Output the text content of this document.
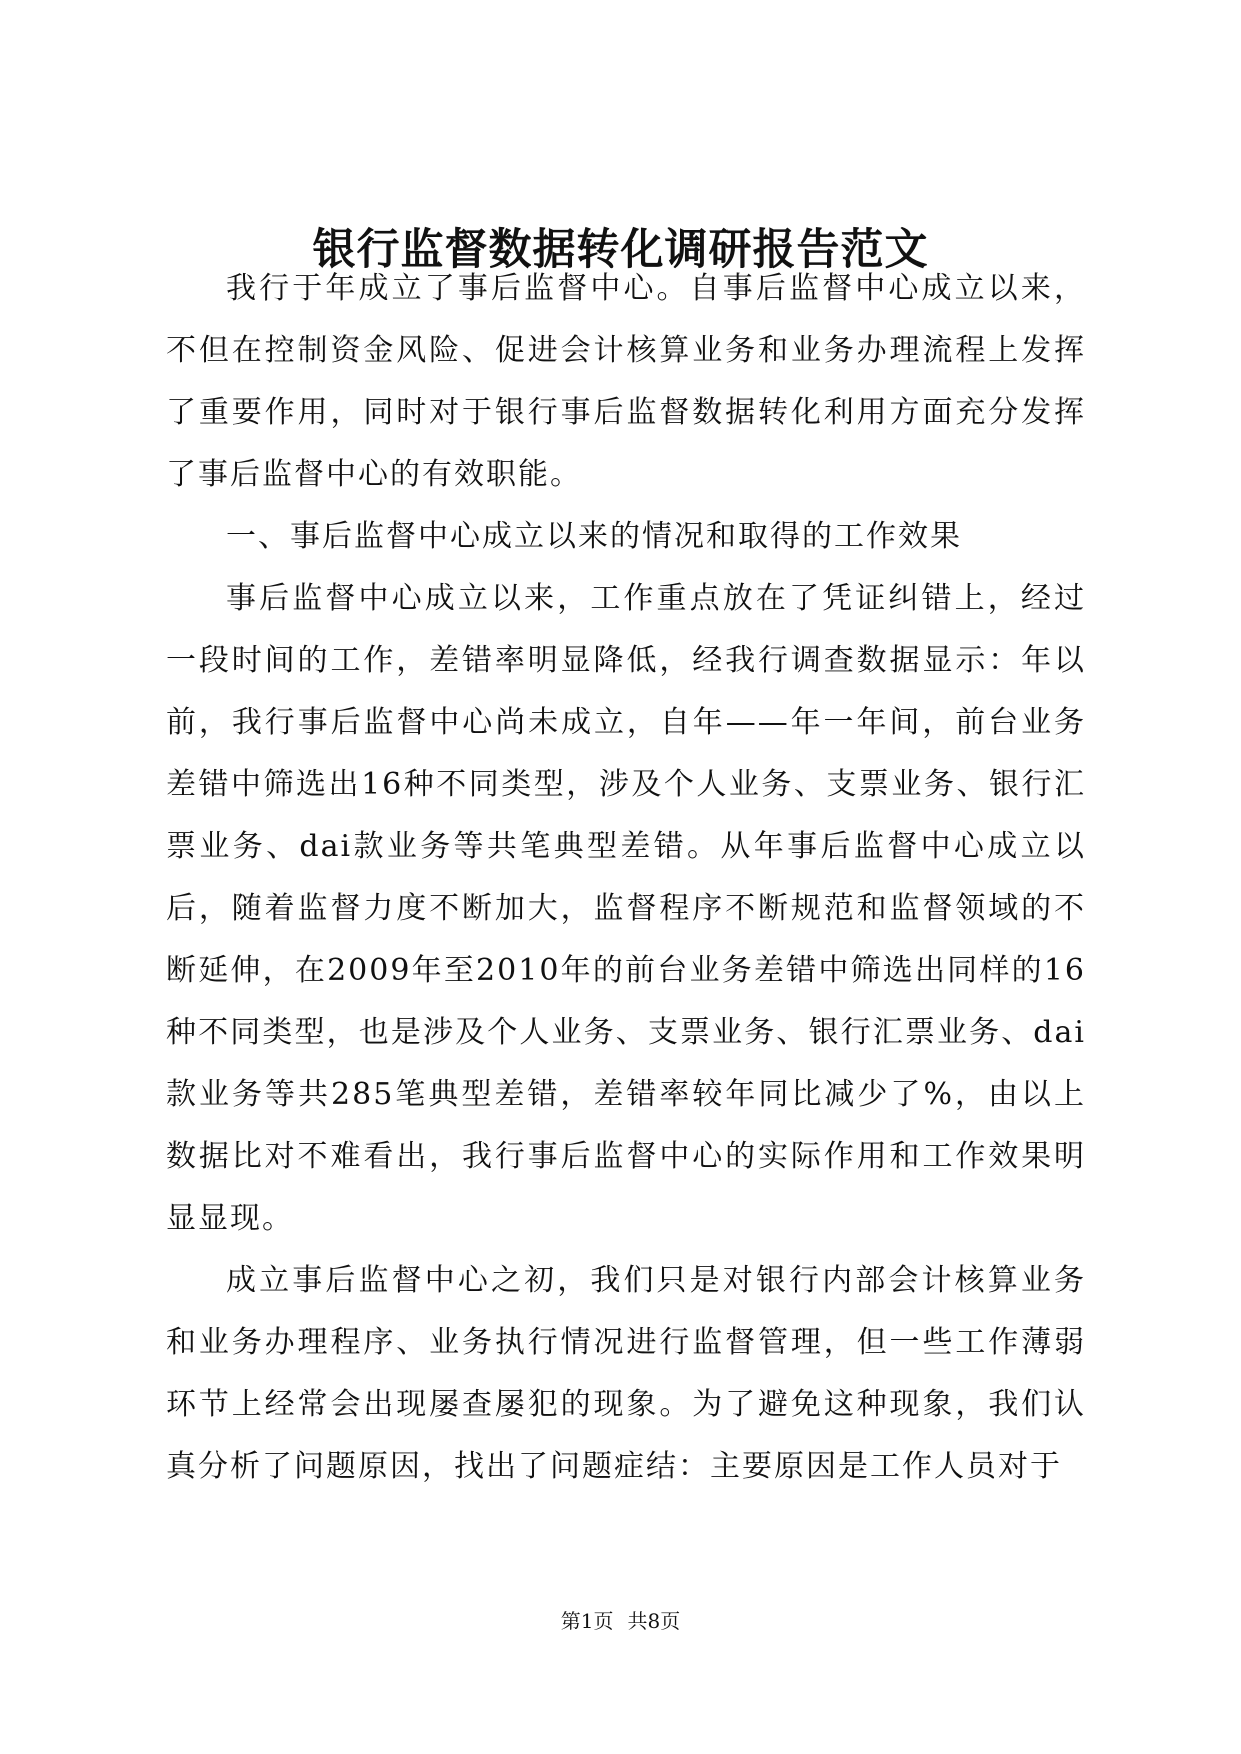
银行监督数据转化调研报告范文

我行于年成立了事后监督中心。自事后监督中心成立以来，不但在控制资金风险、促进会计核算业务和业务办理流程上发挥了重要作用，同时对于银行事后监督数据转化利用方面充分发挥了事后监督中心的有效职能。

一、事后监督中心成立以来的情况和取得的工作效果

事后监督中心成立以来，工作重点放在了凭证纠错上，经过一段时间的工作，差错率明显降低，经我行调查数据显示：年以前，我行事后监督中心尚未成立，自年——年一年间，前台业务差错中筛选出16种不同类型，涉及个人业务、支票业务、银行汇票业务、dai款业务等共笔典型差错。从年事后监督中心成立以后，随着监督力度不断加大，监督程序不断规范和监督领域的不断延伸，在2009年至2010年的前台业务差错中筛选出同样的16种不同类型，也是涉及个人业务、支票业务、银行汇票业务、dai款业务等共285笔典型差错，差错率较年同比减少了%，由以上数据比对不难看出，我行事后监督中心的实际作用和工作效果明显显现。

成立事后监督中心之初，我们只是对银行内部会计核算业务和业务办理程序、业务执行情况进行监督管理，但一些工作薄弱环节上经常会出现屡查屡犯的现象。为了避免这种现象，我们认真分析了问题原因，找出了问题症结：主要原因是工作人员对于

第1页 共8页
